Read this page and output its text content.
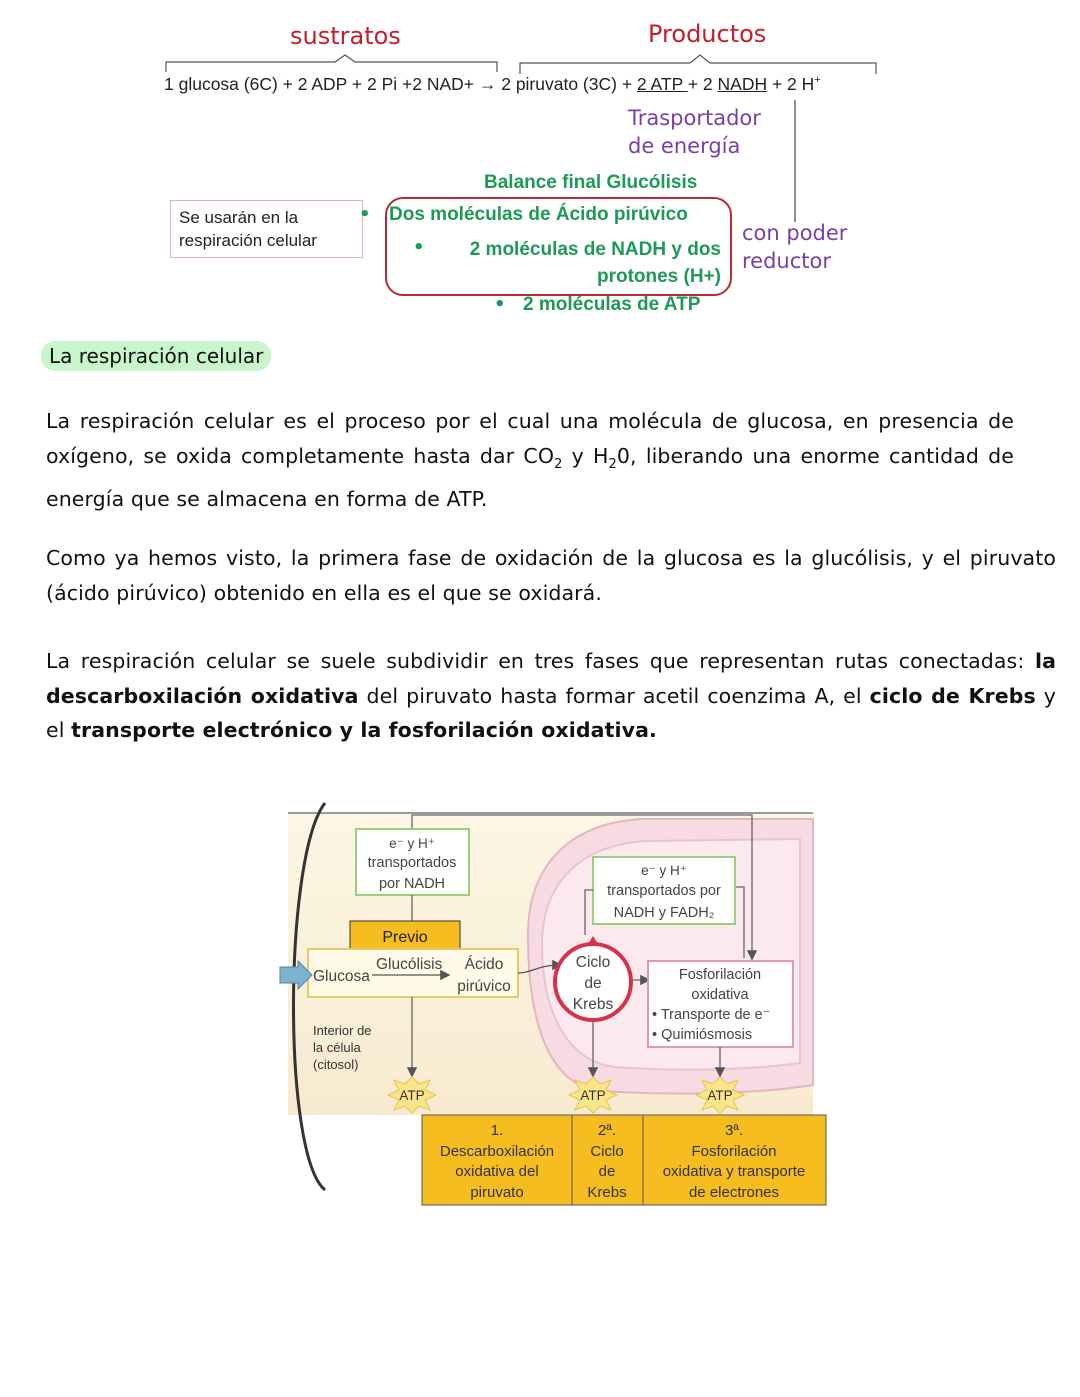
sustratos	Productos
1 glucosa (6C) + 2 ADP + 2 Pi +2 NAD+ → 2 piruvato (3C) + 2 ATP + 2 NADH + 2 H+
Trasportador
de energía
con poder
reductor
Balance final Glucólisis
Se usarán en la
respiración celular
• Dos moléculas de Ácido pirúvico
•	2 moléculas de NADH y dos
protones (H+)
• 2 moléculas de ATP
La respiración celular
La respiración celular es el proceso por el cual una molécula de glucosa, en presencia de oxígeno, se oxida completamente hasta dar $CO_2$ y $H_20$, liberando una enorme cantidad de energía que se almacena en forma de ATP.
Como ya hemos visto, la primera fase de oxidación de la glucosa es la glucólisis, y el piruvato (ácido pirúvico) obtenido en ella es el que se oxidará.
La respiración celular se suele subdividir en tres fases que representan rutas conectadas: la descarboxilación oxidativa del piruvato hasta formar acetil coenzima A, el ciclo de Krebs y el transporte electrónico y la fosforilación oxidativa.
e⁻ y H⁺
transportados
por NADH
Previo
Glucosa
Glucólisis Ácido
pirúvico
e⁻ y H⁺
transportados por
NADH y FADH₂
Ciclo
de
Krebs
Fosforilación
oxidativa
• Transporte de e⁻
• Quimiósmosis
Interior de
la célula
(citosol)
ATP	ATP	ATP
1.
Descarboxilación
oxidativa del
piruvato
2ª.
Ciclo
de
Krebs
3ª.
Fosforilación
oxidativa y transporte
de electrones
